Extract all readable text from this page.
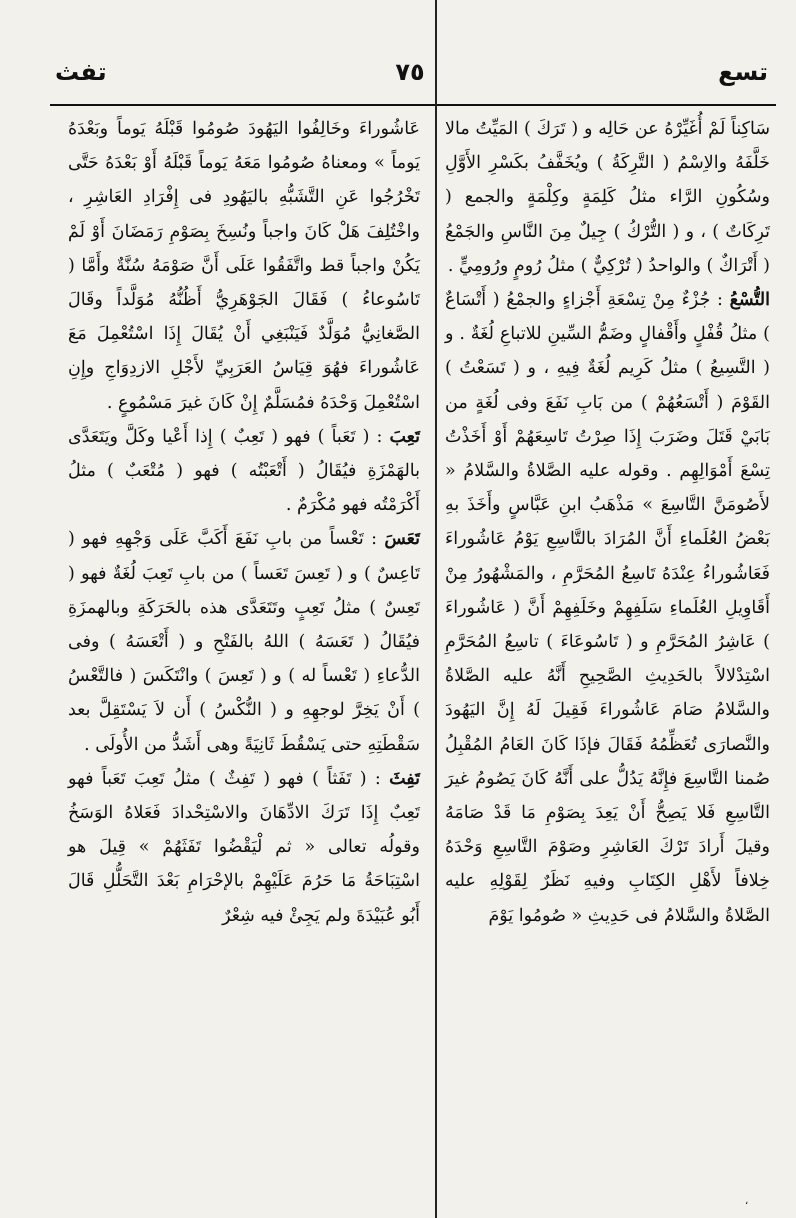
تسع
٧٥
تفث

سَاكِناً لَمْ أُغَيِّرْهُ عن حَالِه و ( تَرَكَ ) المَيِّتُ مالا خَلَّفَهُ والاِسْمُ ( التَّرِكَةُ ) ويُخَفَّفُ بكَسْرِ الأَوَّلِ وسُكُونِ الرَّاء مثلُ كَلِمَةٍ وكِلْمَةٍ والجمع ( تَرِكَاتٌ ) ، و ( التُّرْكُ ) جِيلٌ مِنَ النَّاسِ والجَمْعُ ( أَتْرَاكٌ ) والواحدُ ( تُرْكِيٌّ ) مثلُ رُومٍ ورُومِيٍّ .

التُّسْعُ : جُزْءٌ مِنْ تِسْعَةِ أَجْزاءٍ والجمْعُ ( أَتْسَاعٌ ) مثلُ قُفْلٍ وأَقْفالٍ وضَمُّ السِّينِ للاتباعِ لُغَةٌ . و ( التَّسِيعُ ) مثلُ كَرِيم لُغَةٌ فِيهِ ، و ( تَسَعْتُ ) القَوْمَ ( أَتْسَعُهُمْ ) من بَابِ نَفَعَ وفى لُغَةٍ من بَابَيْ قَتَلَ وضَرَبَ إِذَا صِرْتُ تَاسِعَهُمْ أَوْ أَخَذْتُ تِسْعَ أَمْوَالِهِم . وقوله عليه الصَّلاةُ والسَّلامُ « لأَصُومَنَّ التَّاسِعَ » مَذْهَبُ ابنِ عَبَّاسٍ وأَخَذَ بهِ بَعْضُ العُلَماءِ أَنَّ المُرَادَ بالتَّاسِعِ يَوْمُ عَاشُوراءَ فَعَاشُوراءُ عِنْدَهُ تَاسِعُ المُحَرَّمِ ، والمَشْهُورُ مِنْ أَقَاوِيلِ العُلَماءِ سَلَفِهِمْ وخَلَفِهِمْ أَنَّ ( عَاشُوراءَ ) عَاشِرُ المُحَرَّمِ و ( تَاسُوعَاءَ ) تاسِعُ المُحَرَّمِ اسْتِدْلالاً بالحَدِيثِ الصَّحِيحِ أَنَّهُ عليه الصَّلاةُ والسَّلامُ صَامَ عَاشُوراءَ فَقِيلَ لَهُ إِنَّ اليَهُودَ والنَّصارَى تُعَظِّمُهُ فَقَالَ فإذَا كَانَ العَامُ المُقْبِلُ صُمنا التَّاسِعَ فإِنَّهُ يَدُلُّ على أَنَّهُ كَانَ يَصُومُ غيرَ التَّاسِعِ فَلا يَصِحُّ أَنْ يَعِدَ بِصَوْمِ مَا قَدْ صَامَهُ وقيلَ أَرادَ تَرْكَ العَاشِرِ وصَوْمَ التَّاسِعِ وَحْدَهُ خِلافاً لأَهْلِ الكِتَابِ وفيهِ نَظَرٌ لِقَوْلِهِ عليه الصَّلاةُ والسَّلامُ فى حَدِيثِ « صُومُوا يَوْمَ

عَاشُوراءَ وخَالِفُوا اليَهُودَ صُومُوا قَبْلَهُ يَوماً وبَعْدَهُ يَوماً » ومعناهُ صُومُوا مَعَهُ يَوماً قَبْلَهُ أَوْ بَعْدَهُ حَتَّى تَخْرُجُوا عَنِ التَّشَبُّهِ باليَهُودِ فى إِفْرَادِ العَاشِرِ ، واخْتُلِفَ هَلْ كَانَ واجباً ونُسِخَ بِصَوْمِ رَمَضَانَ أَوْ لَمْ يَكُنْ واجباً قط واتَّفَقُوا عَلَى أَنَّ صَوْمَهُ سُنَّةٌ وأَمَّا ( تَاسُوعاءُ ) فَقَالَ الجَوْهَرِيُّ أَظُنُّهُ مُوَلَّداً وقَالَ الصَّغانِيُّ مُوَلَّدٌ فَيَنْبَغِي أَنْ يُقَالَ إِذَا اسْتُعْمِلَ مَعَ عَاشُوراءَ فهُوَ قِيَاسُ العَرَبِيِّ لأَجْلِ الازدِوَاجِ وإِنِ اسْتُعْمِلَ وَحْدَهُ فمُسَلَّمٌ إِنْ كَانَ غيرَ مَسْمُوعٍ .

تَعِبَ : ( تَعَباً ) فهو ( تَعِبٌ ) إِذا أَعْيا وكَلَّ ويَتَعَدَّى بالهَمْزَةِ فيُقَالُ ( أَتْعَبْتُه ) فهو ( مُتْعَبٌ ) مثلُ أَكْرَمْتُه فهو مُكْرَمٌ .

تَعَسَ : تَعْساً من بابِ نَفَعَ أَكَبَّ عَلَى وَجْهِهِ فهو ( تَاعِسٌ ) و ( تَعِسَ تَعَساً ) من بابِ تَعِبَ لُغَةٌ فهو ( تَعِسٌ ) مثلُ تَعِبٍ وتَتَعَدَّى هذه بالحَرَكَةِ وبالهمزَةِ فيُقَالُ ( تَعَسَهُ ) اللهُ بالفَتْحِ و ( أَتْعَسَهُ ) وفى الدُّعاءِ ( تَعْساً له ) و ( تَعِسَ ) وانْتَكَسَ ( فالتَّعْسُ ) أَنْ يَخِرَّ لوجهِهِ و ( النُّكْسُ ) أَن لاَ يَسْتَقِلَّ بعد سَقْطَتِهِ حتى يَسْقُطَ ثَانِيَةً وهى أَشَدُّ من الأُولَى .

تَفِثَ : ( تَفَثاً ) فهو ( تَفِثٌ ) مثلُ تَعِبَ تَعَباً فهو تَعِبٌ إِذَا تَرَكَ الادِّهَانَ والاسْتِحْدادَ فَعَلاهُ الوَسَخُ وقولُه تعالى « ثم لْيَقْضُوا تَفَثَهُمْ » قِيلَ هو اسْتِبَاحَةُ مَا حَرُمَ عَلَيْهِمْ بالإحْرَامِ بَعْدَ التَّحَلُّلِ قَالَ أَبُو عُبَيْدَةَ ولم يَجِئْ فيه شِعْرٌ

،
